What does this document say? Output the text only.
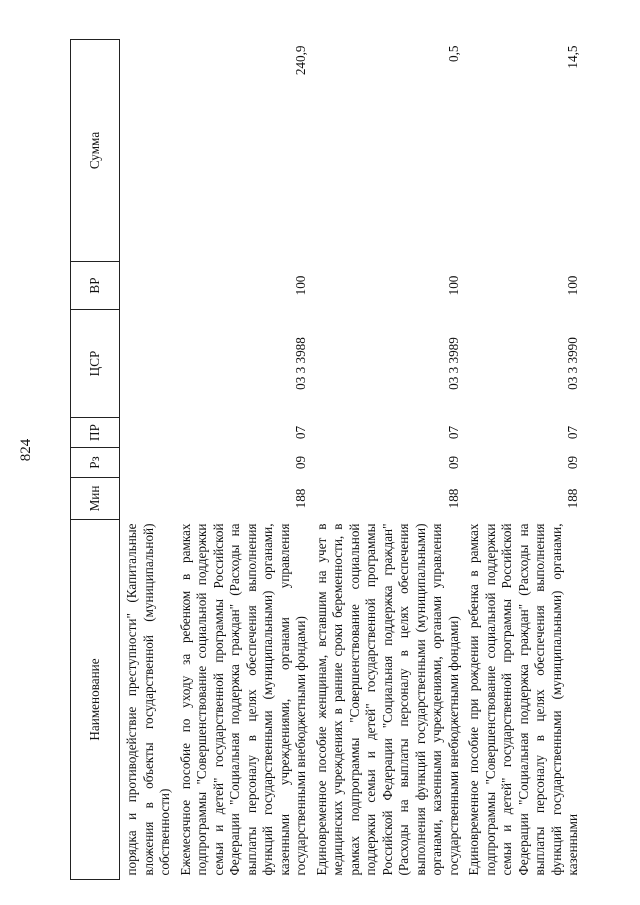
824
Наименование	Мин	Рз	ПР	ЦСР	ВР	Сумма
порядка и противодействие преступности" (Капитальные вложения в объекты государственной (муниципальной) собственности)						
Ежемесячное пособие по уходу за ребенком в рамках подпрограммы "Совершенствование социальной поддержки семьи и детей" государственной программы Российской Федерации "Социальная поддержка граждан" (Расходы на выплаты персоналу в целях обеспечения выполнения функций государственными (муниципальными) органами, казенными учреждениями, органами управления государственными внебюджетными фондами)	188	09	07	03 3 3988	100	240,9
Единовременное пособие женщинам, вставшим на учет в медицинских учреждениях в ранние сроки беременности, в рамках подпрограммы "Совершенствование социальной поддержки семьи и детей" государственной программы Российской Федерации "Социальная поддержка граждан" (Расходы на выплаты персоналу в целях обеспечения выполнения функций государственными (муниципальными) органами, казенными учреждениями, органами управления государственными внебюджетными фондами)	188	09	07	03 3 3989	100	0,5
Единовременное пособие при рождении ребенка в рамках подпрограммы "Совершенствование социальной поддержки семьи и детей" государственной программы Российской Федерации "Социальная поддержка граждан" (Расходы на выплаты персоналу в целях обеспечения выполнения функций государственными (муниципальными) органами, казенными	188	09	07	03 3 3990	100	14,5
